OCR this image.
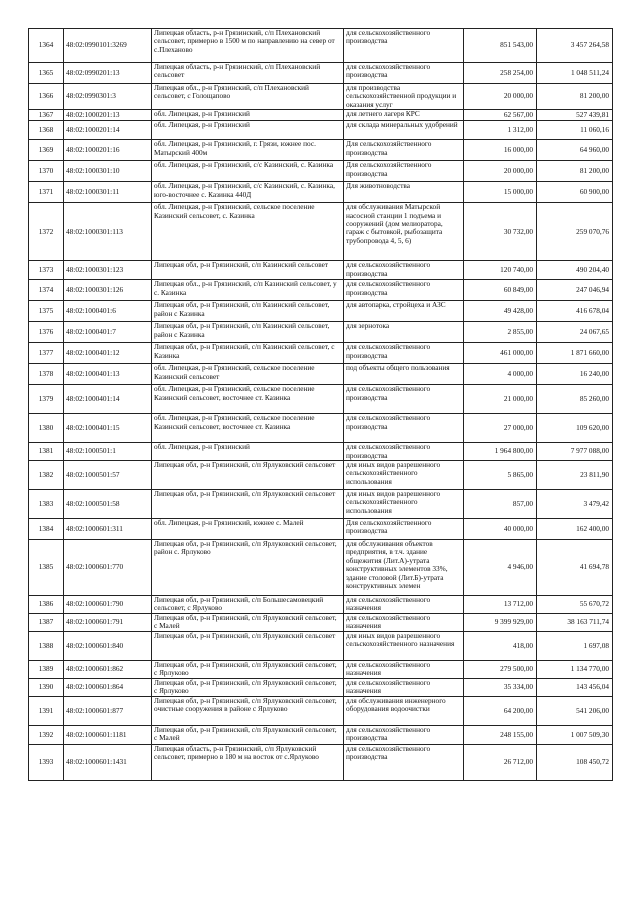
1364	48:02:0990101:3269	Липецкая область, р-н Грязинский, с/п Плехановский сельсовет, примерно в 1500 м по направлению на север от с.Плеханово	для сельскохозяйственного производства	851 543,00	3 457 264,58
1365	48:02:0990201:13	Липецкая область, р-н Грязинский, с/п Плехановский сельсовет	для сельскохозяйственного производства	258 254,00	1 048 511,24
1366	48:02:0990301:3	Липецкая обл., р-н Грязинский, с/п Плехановский сельсовет, с Голощапово	для производства сельскохозяйственной продукции и оказания услуг	20 000,00	81 200,00
1367	48:02:1000201:13	обл. Липецкая, р-н Грязинский	для летнего лагеря КРС	62 567,00	527 439,81
1368	48:02:1000201:14	обл. Липецкая, р-н Грязинский	для склада минеральных удобрений	1 312,00	11 060,16
1369	48:02:1000201:16	обл. Липецкая, р-н Грязинский, г. Грязи, южнее пос. Матырский 400м	Для сельскохозяйственного производства	16 000,00	64 960,00
1370	48:02:1000301:10	обл. Липецкая, р-н Грязинский, с/с Казинский, с. Казинка	Для сельскохозяйственного производства	20 000,00	81 200,00
1371	48:02:1000301:11	обл. Липецкая, р-н Грязинский, с/с Казинский, с. Казинка, юго-восточнее с. Казинка 440Д	Для животноводства	15 000,00	60 900,00
1372	48:02:1000301:113	обл. Липецкая, р-н Грязинский, сельское поселение Казинский сельсовет, с. Казинка	для обслуживания Матырской насосной станции 1 подъема и сооружений (дом мелиоратора, гараж с бытовкой, рыбозащита трубопровода 4, 5, 6)	30 732,00	259 070,76
1373	48:02:1000301:123	Липецкая обл, р-н Грязинский, с/п Казинский сельсовет	для сельскохозяйственного производства	120 740,00	490 204,40
1374	48:02:1000301:126	Липецкая обл., р-н Грязинский, с/п Казинский сельсовет, у с. Казинка	для сельскохозяйственного производства	60 849,00	247 046,94
1375	48:02:1000401:6	Липецкая обл, р-н Грязинский, с/п Казинский сельсовет, район с Казинка	для автопарка, стройцеха и АЗС	49 428,00	416 678,04
1376	48:02:1000401:7	Липецкая обл, р-н Грязинский, с/п Казинский сельсовет, район с Казинка	для зернотока	2 855,00	24 067,65
1377	48:02:1000401:12	Липецкая обл, р-н Грязинский, с/п Казинский сельсовет, с Казинка	для сельскохозяйственного производства	461 000,00	1 871 660,00
1378	48:02:1000401:13	обл. Липецкая, р-н Грязинский, сельское поселение Казинский сельсовет	под объекты общего пользования	4 000,00	16 240,00
1379	48:02:1000401:14	обл. Липецкая, р-н Грязинский, сельское поселение Казинский сельсовет, восточнее ст. Казинка	для сельскохозяйственного производства	21 000,00	85 260,00
1380	48:02:1000401:15	обл. Липецкая, р-н Грязинский, сельское поселение Казинский сельсовет, восточнее ст. Казинка	для сельскохозяйственного производства	27 000,00	109 620,00
1381	48:02:1000501:1	обл. Липецкая, р-н Грязинский	для сельскохозяйственного производства	1 964 800,00	7 977 088,00
1382	48:02:1000501:57	Липецкая обл, р-н Грязинский, с/п Ярлуковский сельсовет	для иных видов разрешенного сельскохозяйственного использования	5 865,00	23 811,90
1383	48:02:1000501:58	Липецкая обл, р-н Грязинский, с/п Ярлуковский сельсовет	для иных видов разрешенного сельскохозяйственного использования	857,00	3 479,42
1384	48:02:1000601:311	обл. Липецкая, р-н Грязинский, южнее с. Малей	Для сельскохозяйственного производства	40 000,00	162 400,00
1385	48:02:1000601:770	Липецкая обл, р-н Грязинский, с/п Ярлуковский сельсовет, район с. Ярлуково	для обслуживания объектов предприятия, в т.ч. здание общежития (Лит.А)-утрата конструктивных элементов 33%, здание столовой (Лит.Б)-утрата конструктивных элемен	4 946,00	41 694,78
1386	48:02:1000601:790	Липецкая обл, р-н Грязинский, с/п Большесамовецкий сельсовет, с Ярлуково	для сельскохозяйственного назначения	13 712,00	55 670,72
1387	48:02:1000601:791	Липецкая обл, р-н Грязинский, с/п Ярлуковский сельсовет, с Малей	для сельскохозяйственного назначения	9 399 929,00	38 163 711,74
1388	48:02:1000601:840	Липецкая обл, р-н Грязинский, с/п Ярлуковский сельсовет	для иных видов разрешенного сельскохозяйственного назначения	418,00	1 697,08
1389	48:02:1000601:862	Липецкая обл, р-н Грязинский, с/п Ярлуковский сельсовет, с Ярлуково	для сельскохозяйственного назначения	279 500,00	1 134 770,00
1390	48:02:1000601:864	Липецкая обл, р-н Грязинский, с/п Ярлуковский сельсовет, с Ярлуково	для сельскохозяйственного назначения	35 334,00	143 456,04
1391	48:02:1000601:877	Липецкая обл, р-н Грязинский, с/п Ярлуковский сельсовет, очистные сооружения в районе с Ярлуково	для обслуживания инженерного оборудования водоочистки	64 200,00	541 206,00
1392	48:02:1000601:1181	Липецкая обл, р-н Грязинский, с/п Ярлуковский сельсовет, с Малей	для сельскохозяйственного производства	248 155,00	1 007 509,30
1393	48:02:1000601:1431	Липецкая область, р-н Грязинский, с/п Ярлуковский сельсовет, примерно в 180 м на восток от с.Ярлуково	для сельскохозяйственного производства	26 712,00	108 450,72
